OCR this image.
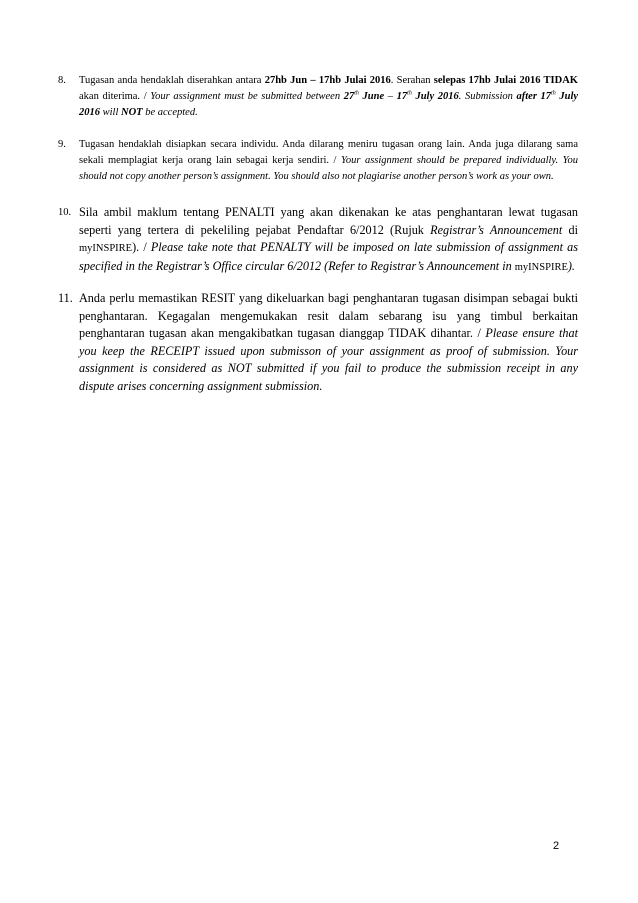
8. Tugasan anda hendaklah diserahkan antara 27hb Jun – 17hb Julai 2016. Serahan selepas 17hb Julai 2016 TIDAK akan diterima. / Your assignment must be submitted between 27th June – 17th July 2016. Submission after 17th July 2016 will NOT be accepted.
9. Tugasan hendaklah disiapkan secara individu. Anda dilarang meniru tugasan orang lain. Anda juga dilarang sama sekali memplagiat kerja orang lain sebagai kerja sendiri. / Your assignment should be prepared individually. You should not copy another person’s assignment. You should also not plagiarise another person’s work as your own.
10. Sila ambil maklum tentang PENALTI yang akan dikenakan ke atas penghantaran lewat tugasan seperti yang tertera di pekeliling pejabat Pendaftar 6/2012 (Rujuk Registrar’s Announcement di myINSPIRE). / Please take note that PENALTY will be imposed on late submission of assignment as specified in the Registrar’s Office circular 6/2012 (Refer to Registrar’s Announcement in myINSPIRE).
11. Anda perlu memastikan RESIT yang dikeluarkan bagi penghantaran tugasan disimpan sebagai bukti penghantaran. Kegagalan mengemukakan resit dalam sebarang isu yang timbul berkaitan penghantaran tugasan akan mengakibatkan tugasan dianggap TIDAK dihantar. / Please ensure that you keep the RECEIPT issued upon submisson of your assignment as proof of submission. Your assignment is considered as NOT submitted if you fail to produce the submission receipt in any dispute arises concerning assignment submission.
2
